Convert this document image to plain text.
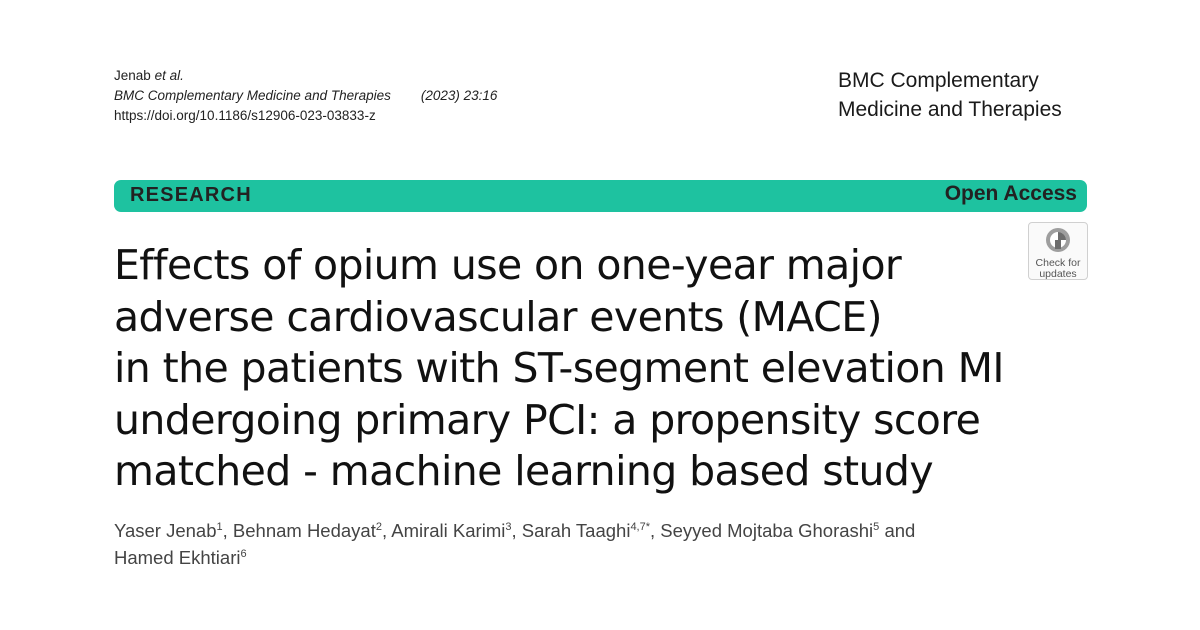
Jenab et al.
BMC Complementary Medicine and Therapies (2023) 23:16
https://doi.org/10.1186/s12906-023-03833-z
BMC Complementary
Medicine and Therapies
RESEARCH	Open Access
Check for
updates
Effects of opium use on one-year major
adverse cardiovascular events (MACE)
in the patients with ST-segment elevation MI
undergoing primary PCI: a propensity score
matched - machine learning based study
Yaser Jenab$^1$, Behnam Hedayat$^2$, Amirali Karimi$^3$, Sarah Taaghi$^{4,7*}$, Seyyed Mojtaba Ghorashi$^5$ and
Hamed Ekhtiari$^6$
